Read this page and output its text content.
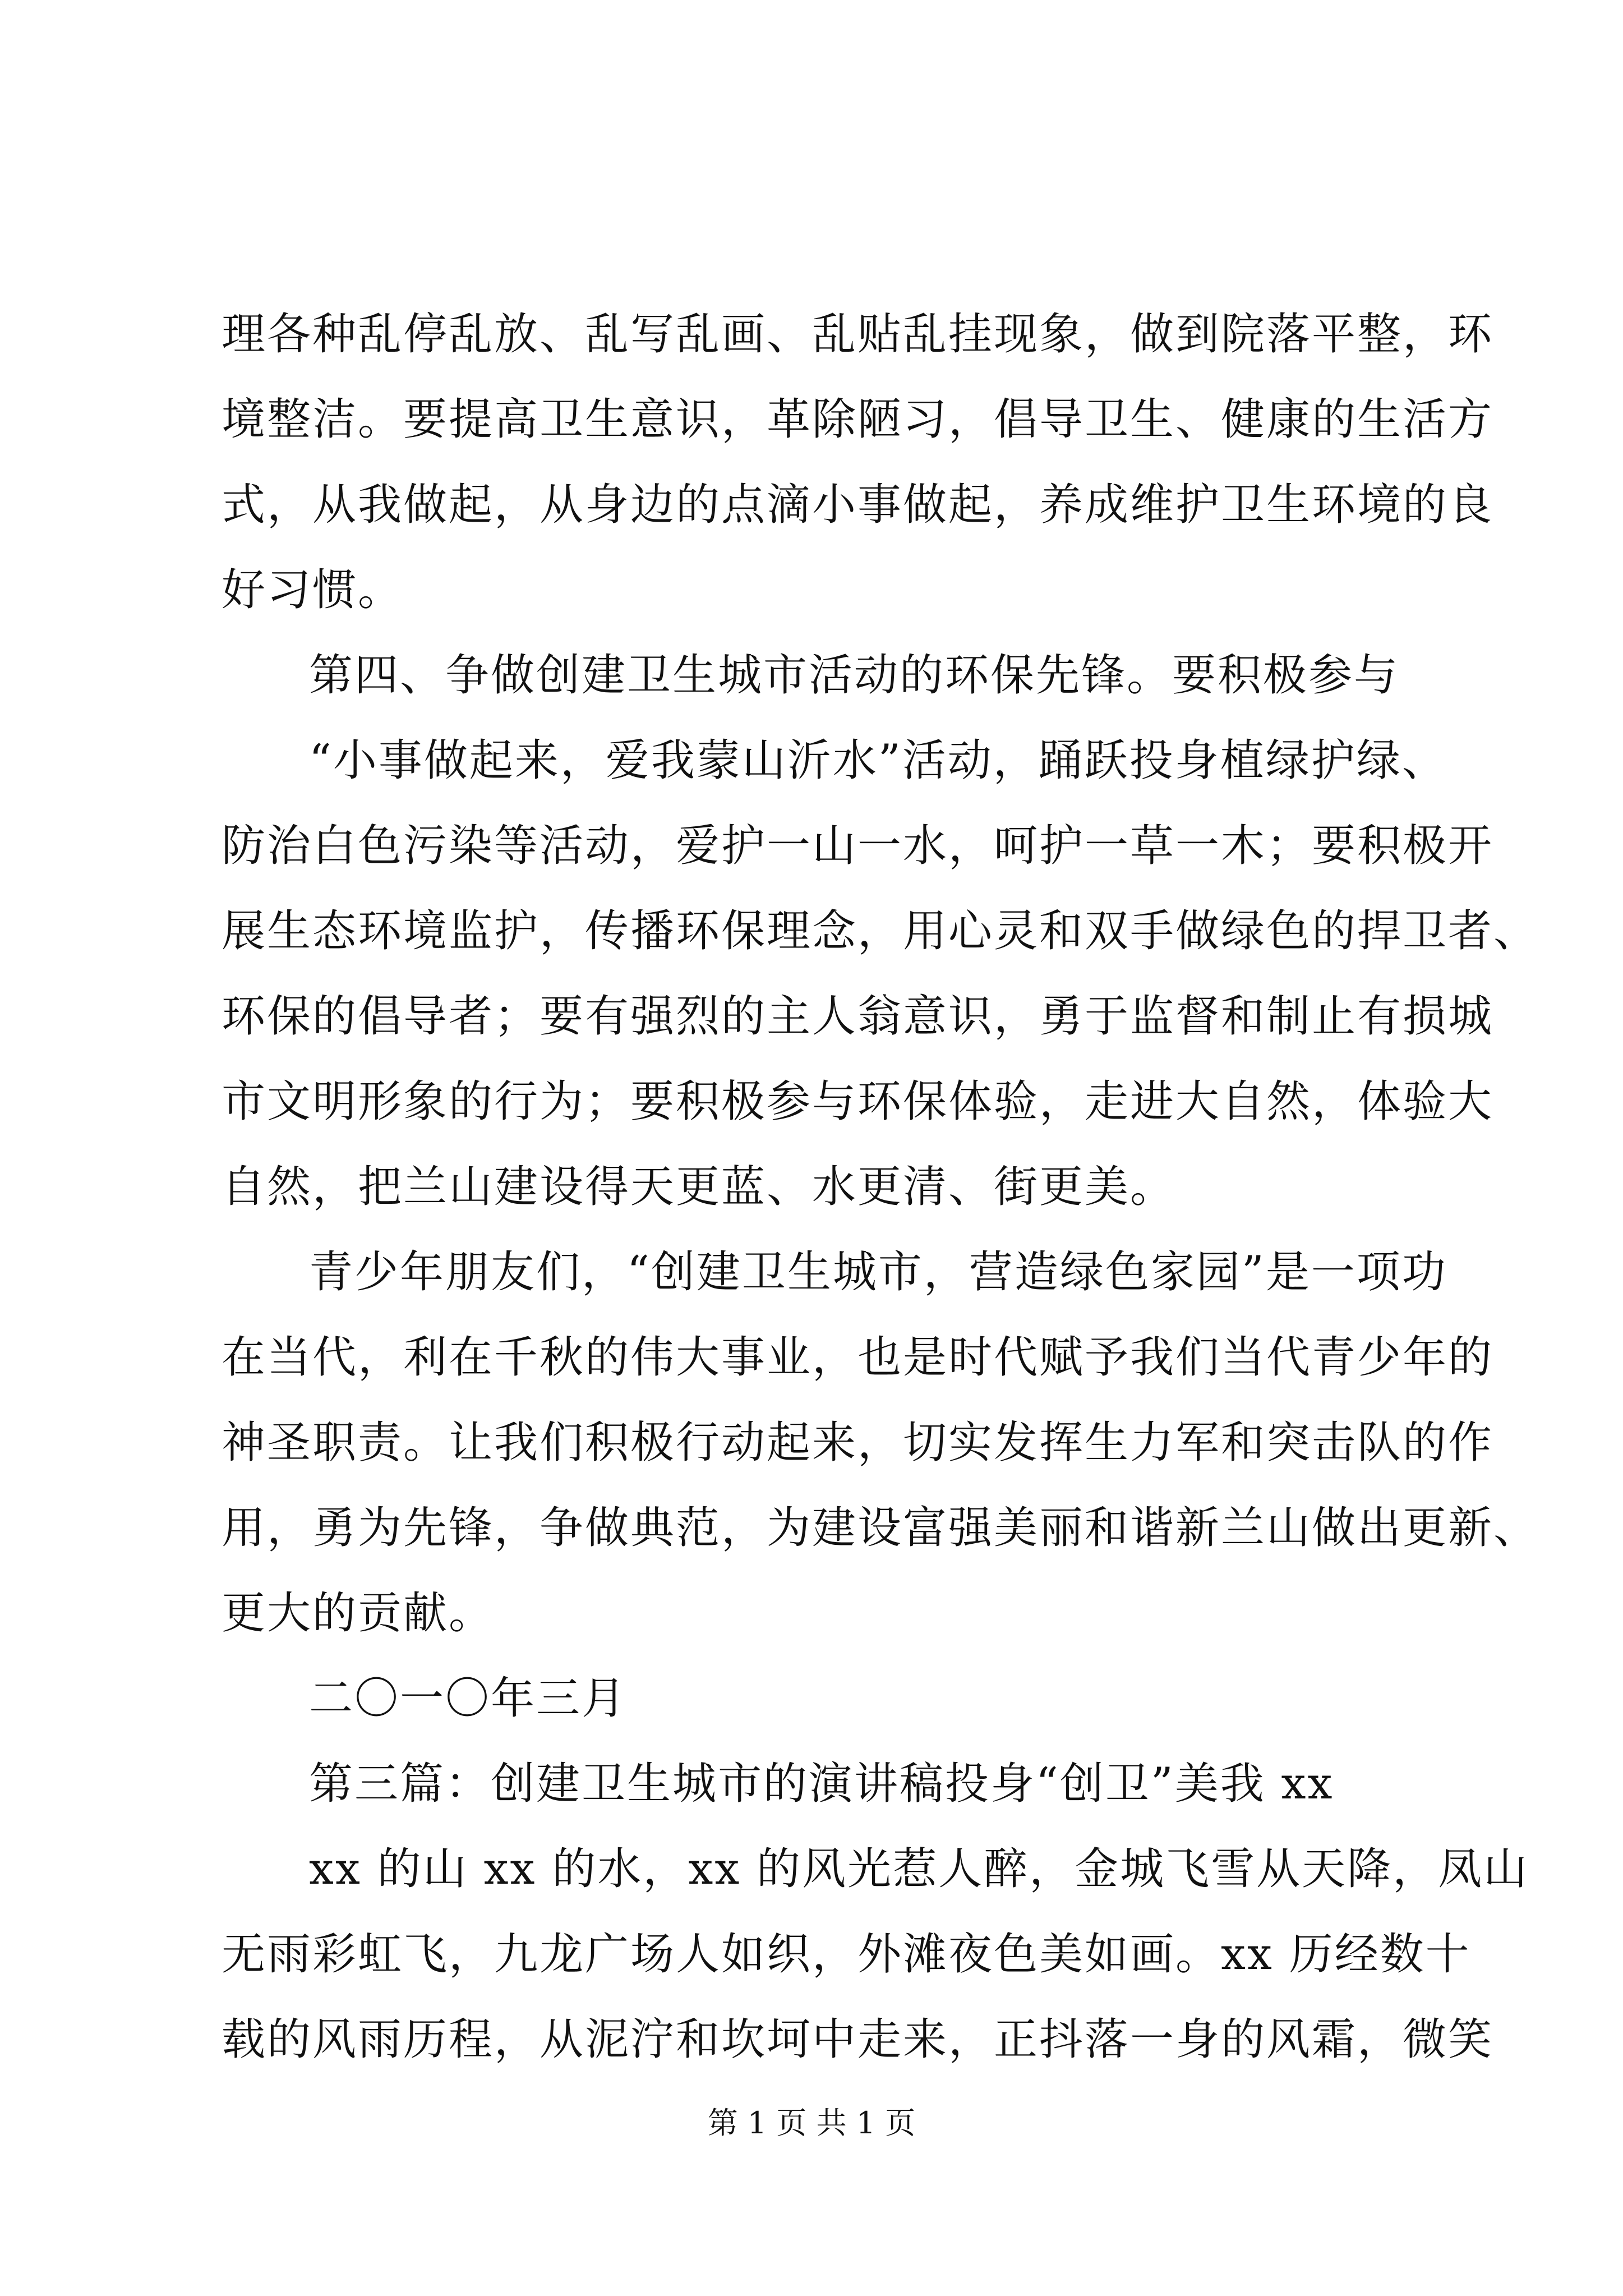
理各种乱停乱放、乱写乱画、乱贴乱挂现象，做到院落平整，环
境整洁。要提高卫生意识，革除陋习，倡导卫生、健康的生活方
式，从我做起，从身边的点滴小事做起，养成维护卫生环境的良
好习惯。
第四、争做创建卫生城市活动的环保先锋。要积极参与
“小事做起来，爱我蒙山沂水”活动，踊跃投身植绿护绿、
防治白色污染等活动，爱护一山一水，呵护一草一木；要积极开
展生态环境监护，传播环保理念，用心灵和双手做绿色的捍卫者、
环保的倡导者；要有强烈的主人翁意识，勇于监督和制止有损城
市文明形象的行为；要积极参与环保体验，走进大自然，体验大
自然，把兰山建设得天更蓝、水更清、街更美。
青少年朋友们，“创建卫生城市，营造绿色家园”是一项功
在当代，利在千秋的伟大事业，也是时代赋予我们当代青少年的
神圣职责。让我们积极行动起来，切实发挥生力军和突击队的作
用，勇为先锋，争做典范，为建设富强美丽和谐新兰山做出更新、
更大的贡献。
二〇一〇年三月
第三篇：创建卫生城市的演讲稿投身“创卫”美我 xx
xx 的山 xx 的水，xx 的风光惹人醉，金城飞雪从天降，凤山
无雨彩虹飞，九龙广场人如织，外滩夜色美如画。xx 历经数十
载的风雨历程，从泥泞和坎坷中走来，正抖落一身的风霜，微笑
第 1 页 共 1 页
